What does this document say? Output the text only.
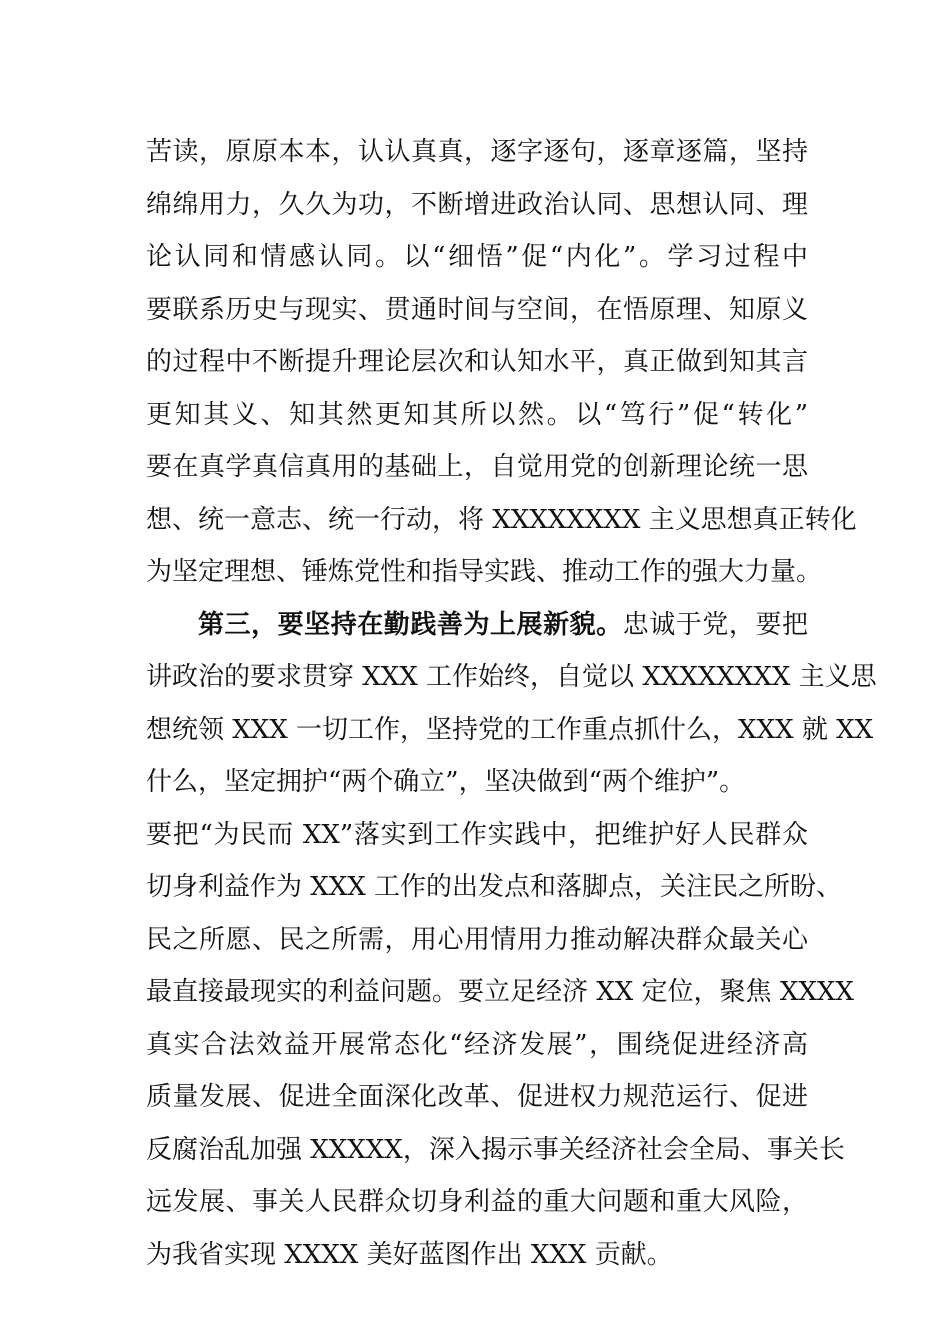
苦读，原原本本，认认真真，逐字逐句，逐章逐篇，坚持
绵绵用力，久久为功，不断增进政治认同、思想认同、理
论认同和情感认同。以“细悟”促“内化”。学习过程中
要联系历史与现实、贯通时间与空间，在悟原理、知原义
的过程中不断提升理论层次和认知水平，真正做到知其言
更知其义、知其然更知其所以然。以“笃行”促“转化”
要在真学真信真用的基础上，自觉用党的创新理论统一思
想、统一意志、统一行动，将 XXXXXXXX 主义思想真正转化
为坚定理想、锤炼党性和指导实践、推动工作的强大力量。
第三，要坚持在勤践善为上展新貌。忠诚于党，要把
讲政治的要求贯穿 XXX 工作始终，自觉以 XXXXXXXX 主义思
想统领 XXX 一切工作，坚持党的工作重点抓什么，XXX 就 XX
什么，坚定拥护“两个确立”，坚决做到“两个维护”。
要把“为民而 XX”落实到工作实践中，把维护好人民群众
切身利益作为 XXX 工作的出发点和落脚点，关注民之所盼、
民之所愿、民之所需，用心用情用力推动解决群众最关心
最直接最现实的利益问题。要立足经济 XX 定位，聚焦 XXXX
真实合法效益开展常态化“经济发展”，围绕促进经济高
质量发展、促进全面深化改革、促进权力规范运行、促进
反腐治乱加强 XXXXX，深入揭示事关经济社会全局、事关长
远发展、事关人民群众切身利益的重大问题和重大风险，
为我省实现 XXXX 美好蓝图作出 XXX 贡献。
